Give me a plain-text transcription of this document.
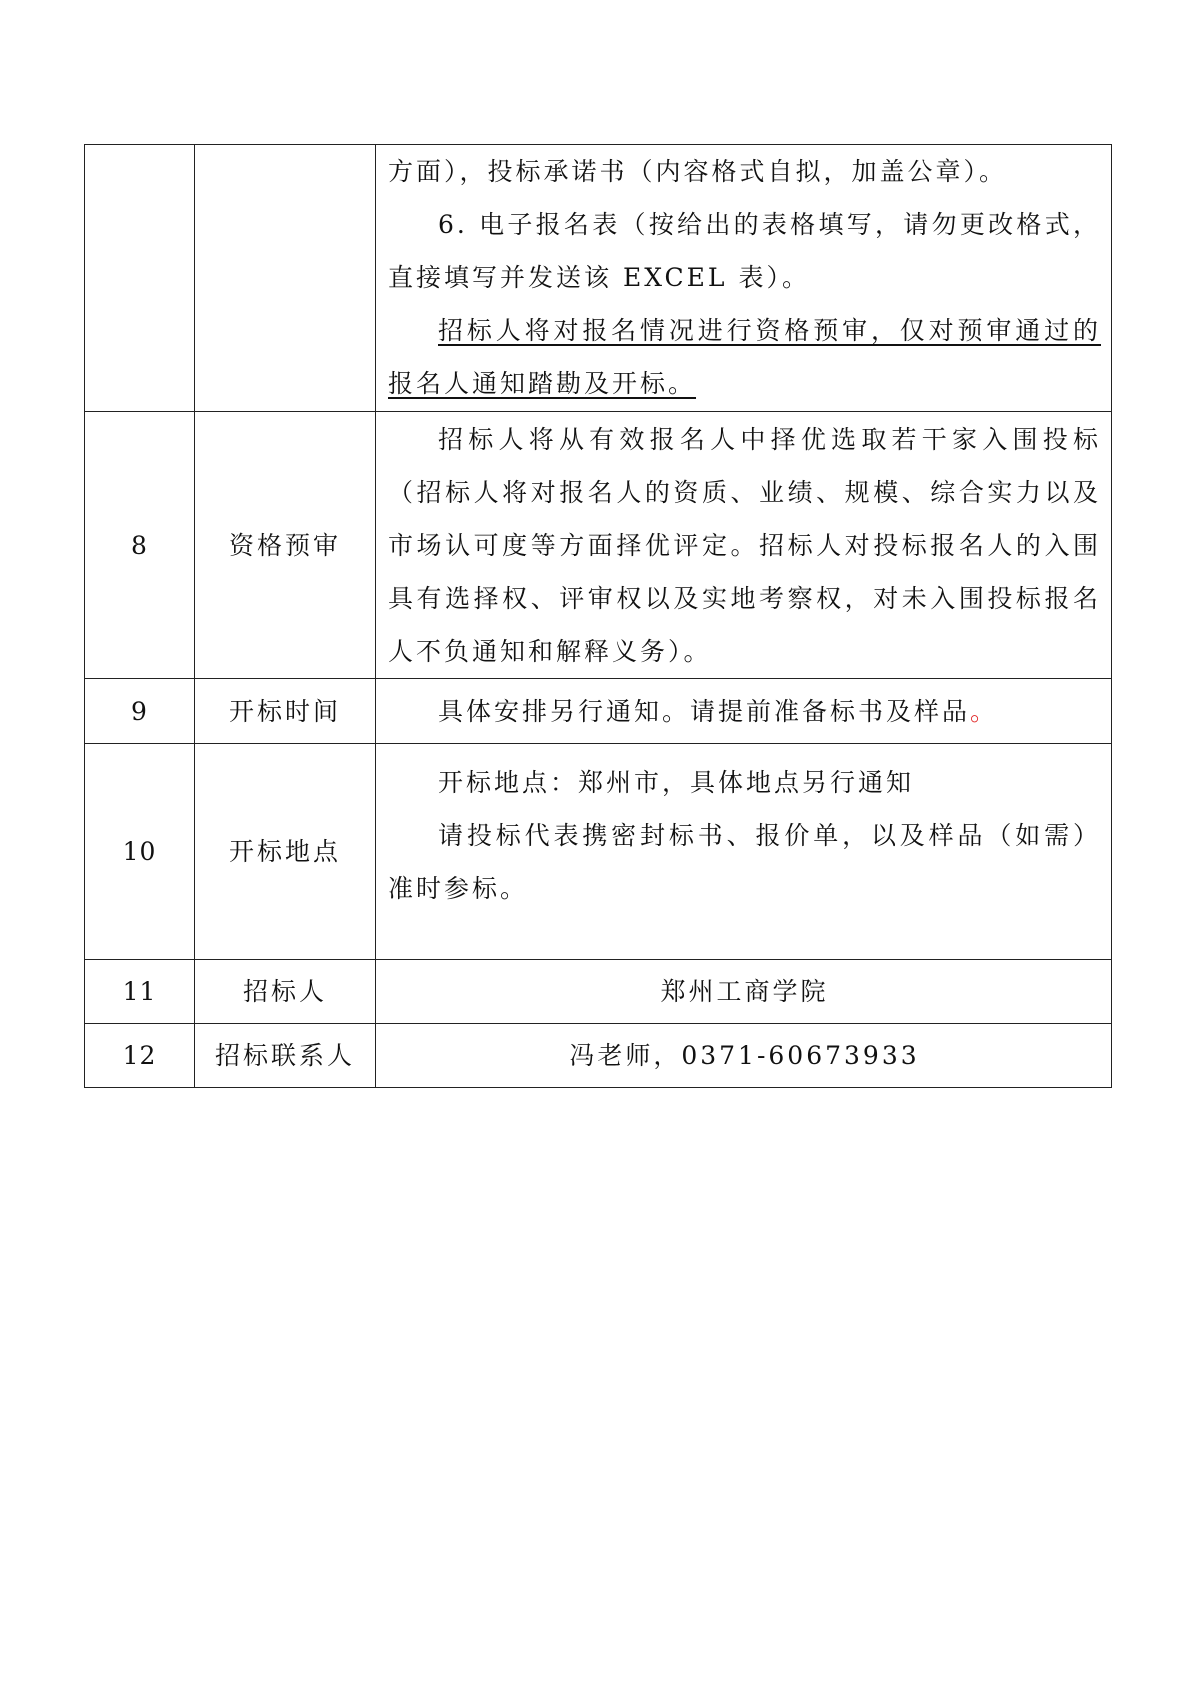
		方面），投标承诺书（内容格式自拟，加盖公章）。
6. 电子报名表（按给出的表格填写，请勿更改格式，直接填写并发送该 EXCEL 表）。
招标人将对报名情况进行资格预审，仅对预审通过的报名人通知踏勘及开标。

8	资格预审	招标人将从有效报名人中择优选取若干家入围投标（招标人将对报名人的资质、业绩、规模、综合实力以及市场认可度等方面择优评定。招标人对投标报名人的入围具有选择权、评审权以及实地考察权，对未入围投标报名人不负通知和解释义务）。

9	开标时间	具体安排另行通知。请提前准备标书及样品。

10	开标地点	开标地点：郑州市，具体地点另行通知
请投标代表携密封标书、报价单，以及样品（如需）准时参标。

11	招标人	郑州工商学院
12	招标联系人	冯老师，0371-60673933
